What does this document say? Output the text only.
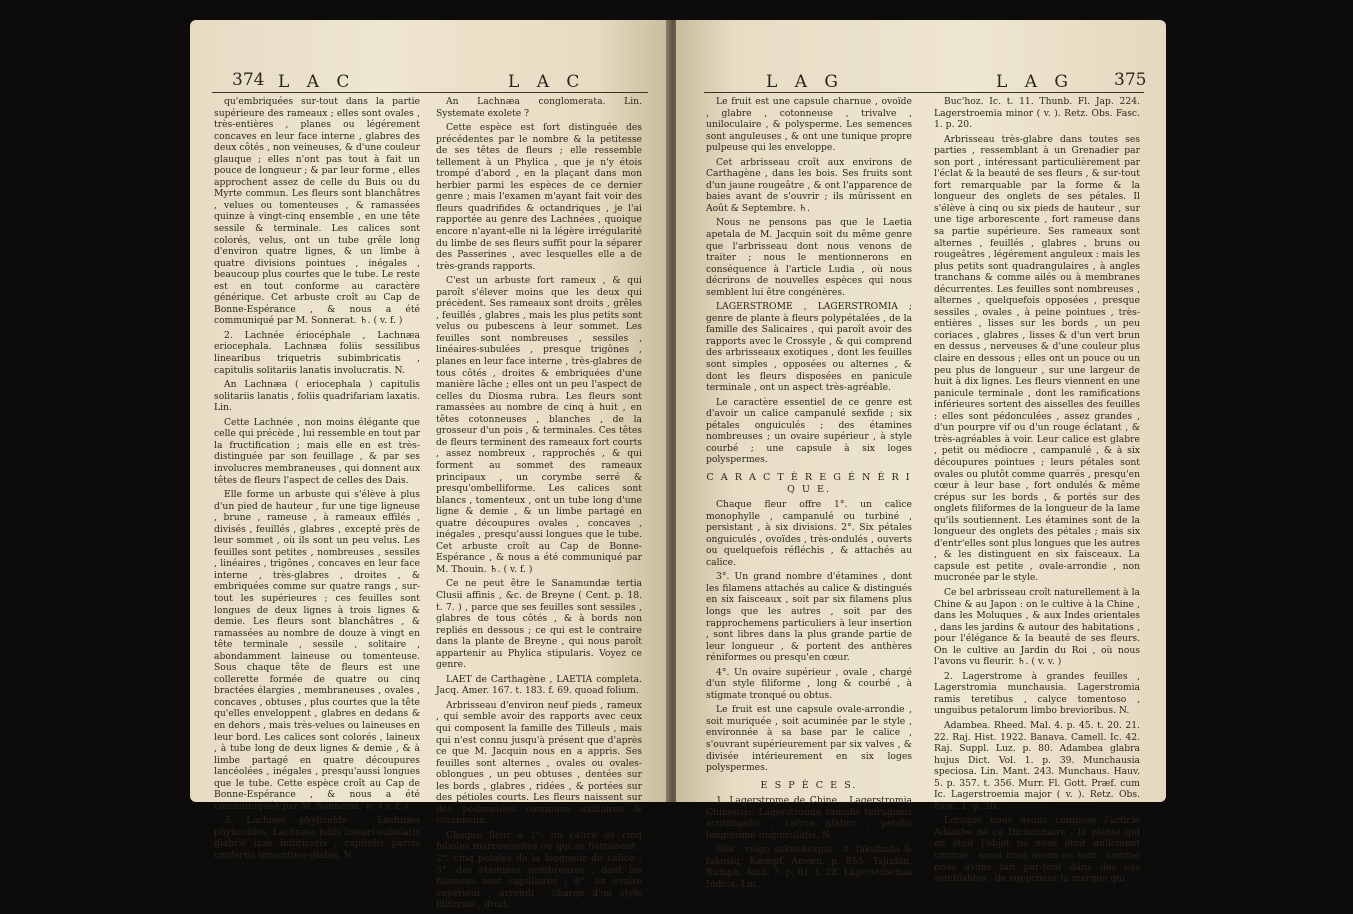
374 L A C	L A C

qu'embriquées sur-tout dans la partie supérieure des rameaux ; elles sont ovales , très-entières , planes ou légérement concaves en leur face interne , glabres des deux côtés , non veineuses, & d'une couleur glauque ; elles n'ont pas tout à fait un pouce de longueur ; & par leur forme , elles approchent assez de celle du Buis ou du Myrte commun. Les fleurs sont blanchâtres , velues ou tomenteuses , & ramassées quinze à vingt-cinq ensemble , en une tête sessile & terminale. Les calices sont colorés, velus, ont un tube grêle long d'environ quatre lignes, & un limbe à quatre divisions pointues , inégales , beaucoup plus courtes que le tube. Le reste est en tout conforme au caractère générique. Cet arbuste croît au Cap de Bonne-Espérance , & nous a été communiqué par M. Sonnerat. ♄. ( v. f. )

2. Lachnée ériocéphale , Lachnæa eriocephala. Lachnæa foliis sessilibus linearibus triquetris subimbricatis , capitulis solitariis lanatis involucratis. N.

An Lachnæa ( eriocephala ) capitulis solitariis lanatis , foliis quadrifariam laxatis. Lin.

Cette Lachnée , non moins élégante que celle qui précède , lui ressemble en tout par la fructification ; mais elle en est très-distinguée par son feuillage , & par ses involucres membraneuses , qui donnent aux têtes de fleurs l'aspect de celles des Dais.

Elle forme un arbuste qui s'élève à plus d'un pied de hauteur , fur une tige ligneuse , brune , rameuse , à rameaux effilés , divisés , feuillés , glabres , excepté près de leur sommet , où ils sont un peu velus. Les feuilles sont petites , nombreuses , sessiles , linéaires , trigônes , concaves en leur face interne , très-glabres , droites , & embriquées comme sur quatre rangs , sur-tout les supérieures ; ces feuilles sont longues de deux lignes à trois lignes & demie. Les fleurs sont blanchâtres , & ramassées au nombre de douze à vingt en tête terminale , sessile , solitaire , abondamment laineuse ou tomenteuse. Sous chaque tête de fleurs est une collerette formée de quatre ou cinq bractées élargies , membraneuses , ovales , concaves , obtuses , plus courtes que la tête qu'elles enveloppent , glabres en dedans & en dehors , mais très-velues ou laineuses en leur bord. Les calices sont colorés , laineux , à tube long de deux lignes & demie , & à limbe partagé en quatre découpures lancéolées , inégales , presqu'aussi longues que le tube. Cette espèce croît au Cap de Bonne-Espérance , & nous a été communiquée par M. Sonnerat. ♄. ( v. f. )

3. Lachnée phylicoïde , Lachnæa phylicoides. Lachnæa foliis lineari-subulatis glabris laxè imbricatis , capitulis parvis confertis tomentoso-glabis, N.

An Lachnæa conglomerata. Lin. Systemate exolete ?

Cette espèce est fort distinguée des précédentes par le nombre & la petitesse de ses têtes de fleurs ; elle ressemble tellement à un Phylica , que je n'y étois trompé d'abord , en la plaçant dans mon herbier parmi les espèces de ce dernier genre ; mais l'examen m'ayant fait voir des fleurs quadrifides & octandriques , je l'ai rapportée au genre des Lachnées , quoique encore n'ayant-elle ni la légère irrégularité du limbe de ses fleurs suffit pour la séparer des Passerines , avec lesquelles elle a de très-grands rapports.

C'est un arbuste fort rameux , & qui paroît s'élever moins que les deux qui précèdent. Ses rameaux sont droits , grêles , feuillés , glabres , mais les plus petits sont velus ou pubescens à leur sommet. Les feuilles sont nombreuses , sessiles , linéaires-subulées , presque trigônes , planes en leur face interne , très-glabres de tous côtés , droites & embriquées d'une manière lâche ; elles ont un peu l'aspect de celles du Diosma rubra. Les fleurs sont ramassées au nombre de cinq à huit , en têtes cotonneuses , blanches , de la grosseur d'un pois , & terminales. Ces têtes de fleurs terminent des rameaux fort courts , assez nombreux , rapprochés , & qui forment au sommet des rameaux principaux , un corymbe serré & presqu'ombelliforme. Les calices sont blancs , tomenteux , ont un tube long d'une ligne & demie , & un limbe partagé en quatre découpures ovales , concaves , inégales , presqu'aussi longues que le tube. Cet arbuste croît au Cap de Bonne-Espérance , & nous a été communiqué par M. Thouin. ♄. ( v. f. )

Ce ne peut être le Sanamundæ tertia Clusii affinis , &c. de Breyne ( Cent. p. 18. t. 7. ) , parce que ses feuilles sont sessiles , glabres de tous côtés , & à bords non repliés en dessous ; ce qui est le contraire dans la plante de Breyne , qui nous paroît appartenir au Phylica stipularis. Voyez ce genre.

LAET de Carthagène , LAETIA completa. Jacq. Amer. 167. t. 183. f. 69. quoad folium.

Arbrisseau d'environ neuf pieds , rameux , qui semble avoir des rapports avec ceux qui composent la famille des Tilleuls , mais qui n'est connu jusqu'à présent que d'après ce que M. Jacquin nous en a appris. Ses feuilles sont alternes , ovales ou ovales-oblongues , un peu obtuses , dentées sur les bords , glabres , ridées , & portées sur des pétioles courts. Les fleurs naissent sur des pédoncules communs axillaires & cotonneux.

Chaque fleur a 1°. un calice de cinq folioles marcescentes ou qui se flétrissent ; 2°. cinq pétales de la longueur du calice ; 3°. des étamines nombreuses , dont les filamens sont capillaires ; 4°. un ovaire supérieur , arrondi , chargé d'un style filiforme , droit.

L A G	L A G 375

Le fruit est une capsule charnue , ovoïde , glabre , cotonneuse , trivalve , uniloculaire , & polysperme. Les semences sont anguleuses , & ont une tunique propre pulpeuse qui les enveloppe.

Cet arbrisseau croît aux environs de Carthagène , dans les bois. Ses fruits sont d'un jaune rougeâtre , & ont l'apparence de baies avant de s'ouvrir ; ils mûrissent en Août & Septembre. ♄.

Nous ne pensons pas que le Laetia apetala de M. Jacquin soit du même genre que l'arbrisseau dont nous venons de traiter ; nous le mentionnerons en conséquence à l'article Ludia , où nous décrirons de nouvelles espèces qui nous semblent lui être congénères.

LAGERSTROME , LAGERSTROMIA ; genre de plante à fleurs polypétalées , de la famille des Salicaires , qui paroît avoir des rapports avec le Crossyle , & qui comprend des arbrisseaux exotiques , dont les feuilles sont simples , opposées ou alternes , & dont les fleurs disposées en panicule terminale , ont un aspect très-agréable.

Le caractère essentiel de ce genre est d'avoir un calice campanulé sexfide ; six pétales onguiculés ; des étamines nombreuses ; un ovaire supérieur , à style courbé ; une capsule à six loges polyspermes.

C A R A C T È R E G É N É R I Q U E.

Chaque fleur offre 1°. un calice monophylle , campanulé ou turbiné , persistant , à six divisions. 2°. Six pétales onguiculés , ovoïdes , très-ondulés , ouverts ou quelquefois réfléchis , & attachés au calice.

3°. Un grand nombre d'étamines , dont les filamens attachés au calice & distingués en six faisceaux , soit par six filamens plus longs que les autres , soit par des rapprochemens particuliers à leur insertion , sont libres dans la plus grande partie de leur longueur , & portent des anthères réniformes ou presqu'en cœur.

4°. Un ovaire supérieur , ovale , chargé d'un style filiforme , long & courbé , à stigmate tronqué ou obtus.

Le fruit est une capsule ovale-arrondie , soit muriquée , soit acuminée par le style , environnée à sa base par le calice , s'ouvrant supérieurement par six valves , & divisée intérieurement en six loges polyspermes.

E S P È C E S.

1. Lagerstrome de Chine , Lagerstromia Chinensis. Lagerstromia ramulis tetragonis acutangulis , calyce glabro , petalis longissimè unguiculatis. N.

Sibi , vulgò sakusitsiqua , it. fakufinda & fakusiq. Kæmpf. Amœn. p. 855. Tsjinkin. Rumph. Amb. 7. p. 61. t. 28. Lagerstroemia Indica. Lin.

Buc'hoz. Ic. t. 11. Thunb. Fl. Jap. 224. Lagerstroemia minor ( v. ). Retz. Obs. Fasc. 1. p. 20.

Arbrisseau très-glabre dans toutes ses parties , ressemblant à un Grenadier par son port , intéressant particulièrement par l'éclat & la beauté de ses fleurs , & sur-tout fort remarquable par la forme & la longueur des onglets de ses pétales. Il s'élève à cinq ou six pieds de hauteur , sur une tige arborescente , fort rameuse dans sa partie supérieure. Ses rameaux sont alternes , feuillés , glabres , bruns ou rougeâtres , légérement anguleux : mais les plus petits sont quadrangulaires , à angles tranchans & comme ailés ou à membranes décurrentes. Les feuilles sont nombreuses , alternes , quelquefois opposées , presque sessiles , ovales , à peine pointues , très-entières , lisses sur les bords , un peu coriaces , glabres , lisses & d'un vert brun en dessus , nerveuses & d'une couleur plus claire en dessous ; elles ont un pouce ou un peu plus de longueur , sur une largeur de huit à dix lignes. Les fleurs viennent en une panicule terminale , dont les ramifications inférieures sortent des aisselles des feuilles : elles sont pédonculées , assez grandes , d'un pourpre vif ou d'un rouge éclatant , & très-agréables à voir. Leur calice est glabre , petit ou médiocre , campanulé , & à six découpures pointues ; leurs pétales sont ovales ou plutôt comme quarrés , presqu'en cœur à leur base , fort ondulés & même crépus sur les bords , & portés sur des onglets filiformes de la longueur de la lame qu'ils soutiennent. Les étamines sont de la longueur des onglets des pétales ; mais six d'entr'elles sont plus longues que les autres , & les distinguent en six faisceaux. La capsule est petite , ovale-arrondie , non mucronée par le style.

Ce bel arbrisseau croît naturellement à la Chine & au Japon : on le cultive à la Chine , dans les Moluques , & aux Indes orientales , dans les jardins & autour des habitations , pour l'élégance & la beauté de ses fleurs. On le cultive au Jardin du Roi , où nous l'avons vu fleurir. ♄. ( v. v. )

2. Lagerstrome à grandes feuilles , Lagerstromia munchausia. Lagerstromia ramis teretibus , calyce tomentoso , unguibus petalorum limbo brevioribus. N.

Adambea. Rheed. Mal. 4. p. 45. t. 20. 21. 22. Raj. Hist. 1922. Banava. Camell. Ic. 42. Raj. Suppl. Luz. p. 80. Adambea glabra hujus Dict. Vol. 1. p. 39. Munchausia speciosa. Lin. Mant. 243. Munchaus. Hauv. 5. p. 357. t. 356. Murr. Fl. Gott. Præf. cum Ic. Lagerstroemia major ( v. ). Retz. Obs. Fasc. 1. p. 20.

Lorsque nous avons composé l'article Adambé de ce Dictionnaire , la plante qui en étoit l'objet ne nous étoit nullement connue ; aussi nous avons eu soin , comme nous avons fait par-tout dans des cas semblables , de supprimer la marque qui
